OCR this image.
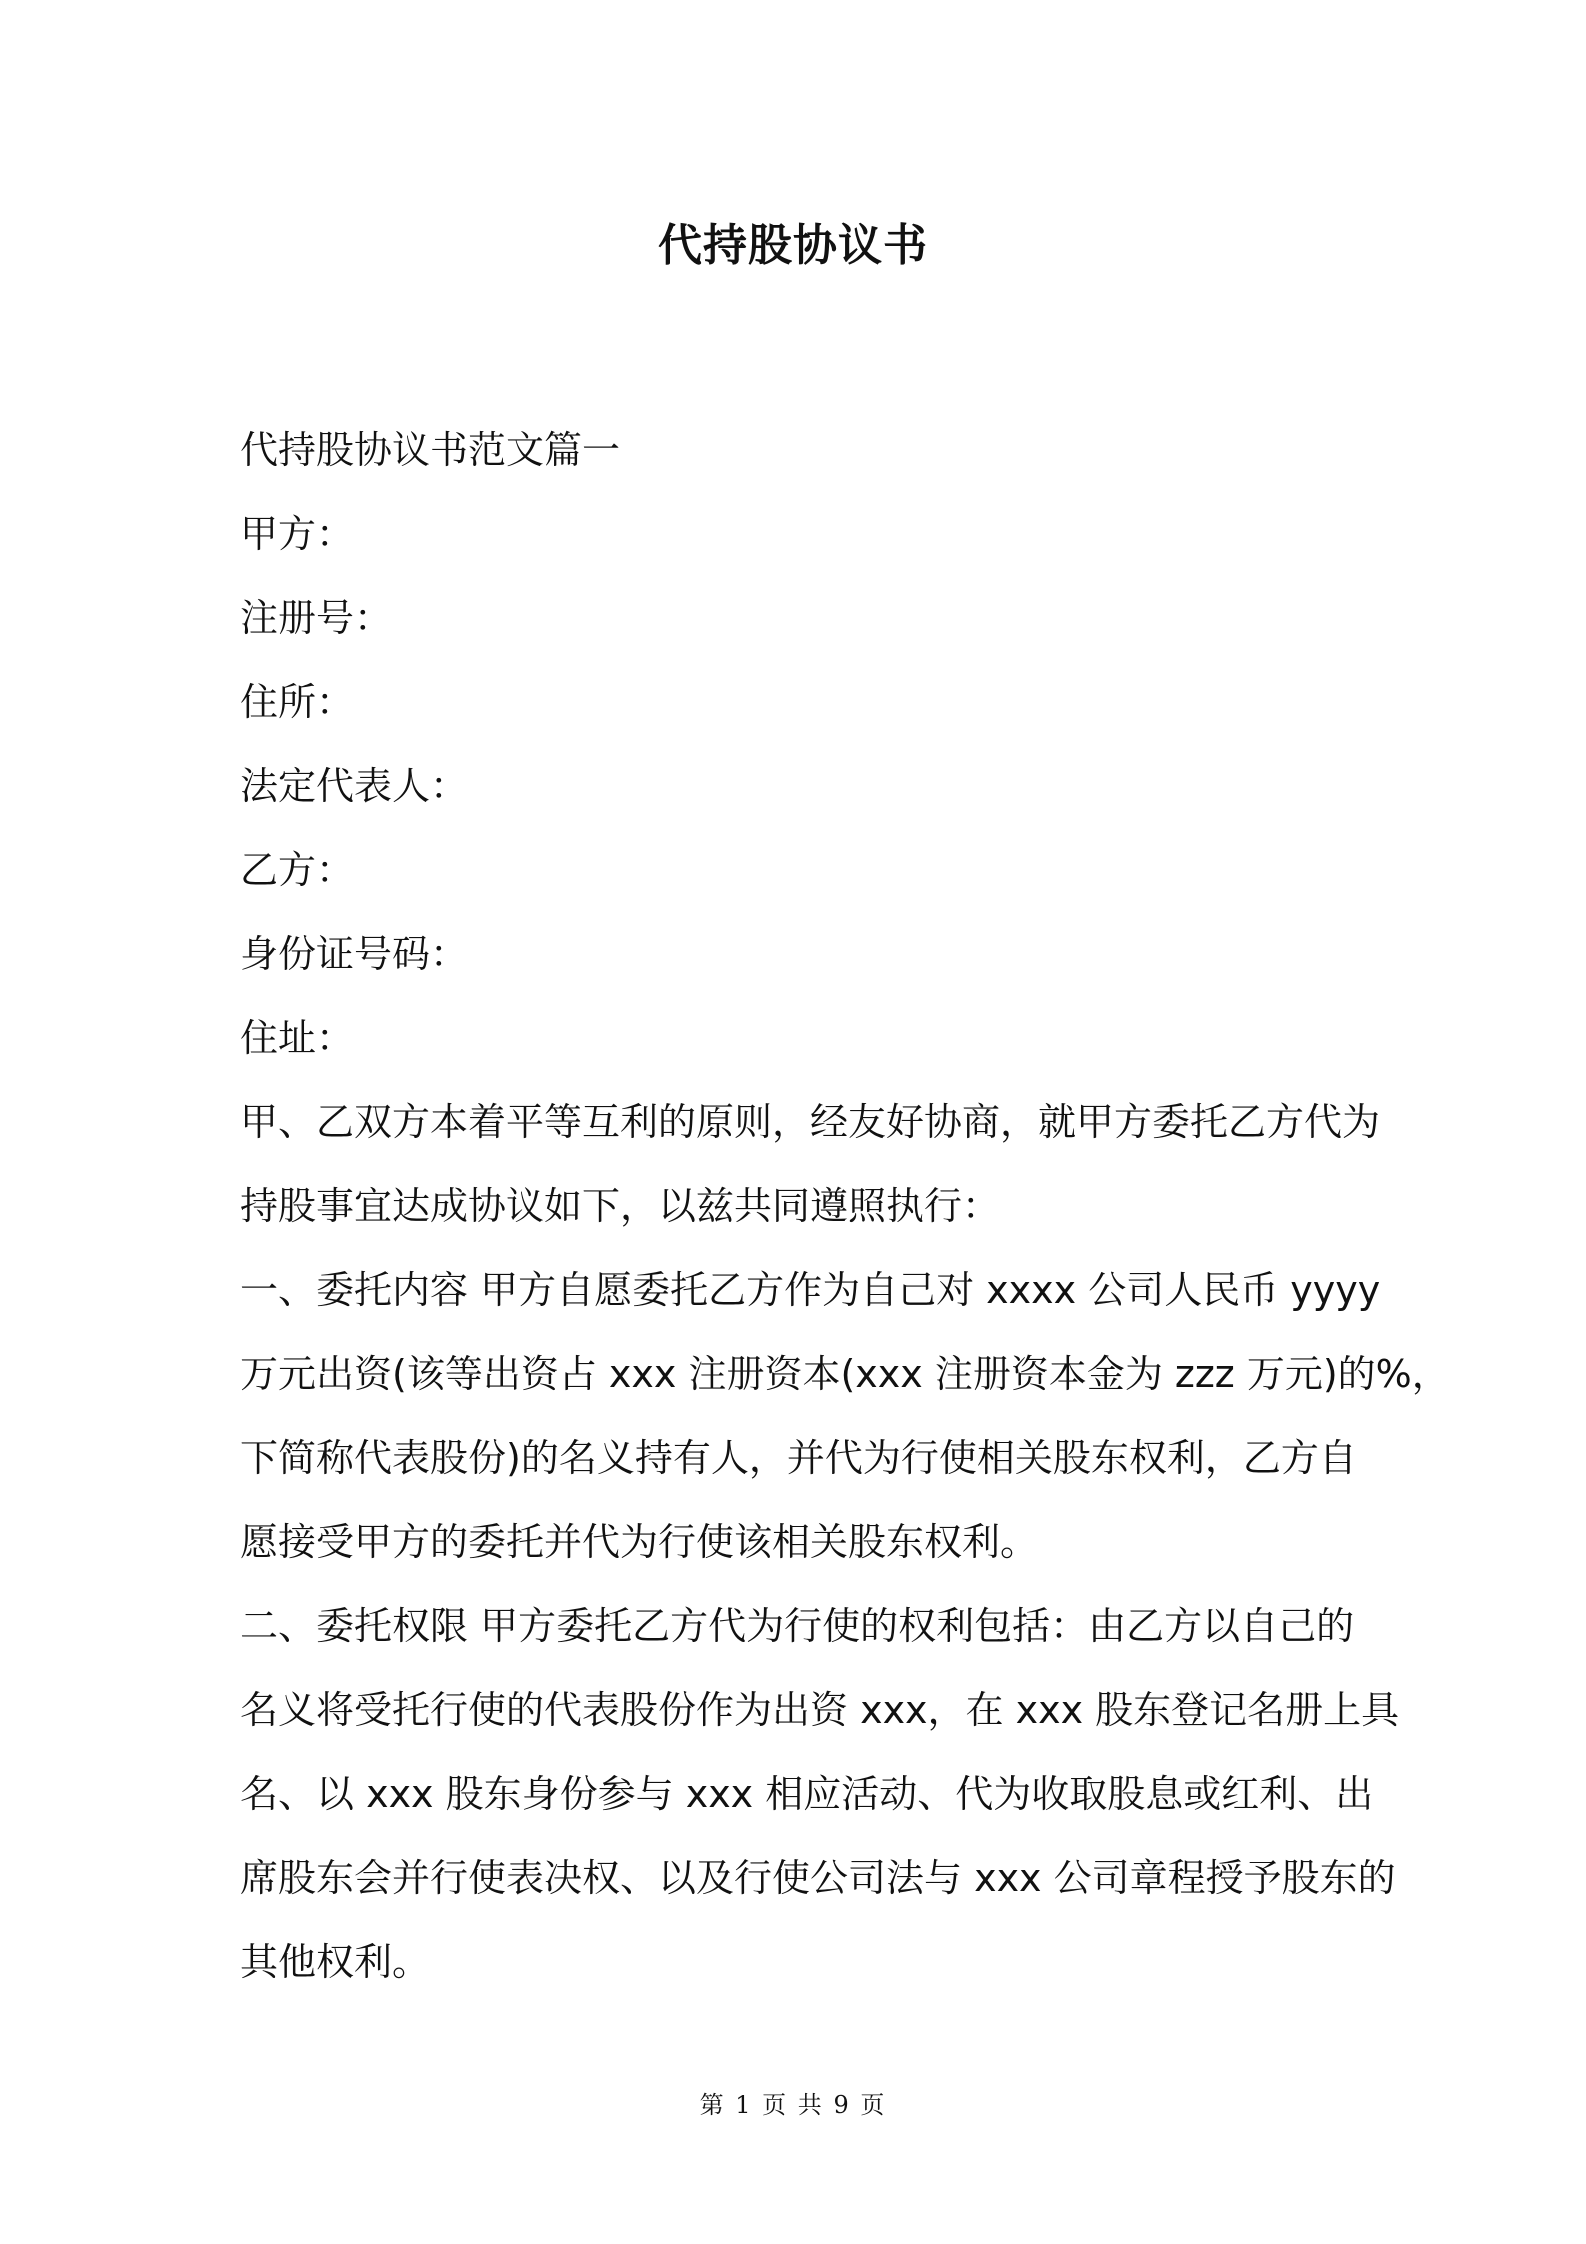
代持股协议书
代持股协议书范文篇一
甲方：
注册号：
住所：
法定代表人：
乙方：
身份证号码：
住址：
甲、乙双方本着平等互利的原则，经友好协商，就甲方委托乙方代为
持股事宜达成协议如下，以兹共同遵照执行：
一、委托内容 甲方自愿委托乙方作为自己对 xxxx 公司人民币 yyyy
万元出资(该等出资占 xxx 注册资本(xxx 注册资本金为 zzz 万元)的%，
下简称代表股份)的名义持有人，并代为行使相关股东权利，乙方自
愿接受甲方的委托并代为行使该相关股东权利。
二、委托权限 甲方委托乙方代为行使的权利包括：由乙方以自己的
名义将受托行使的代表股份作为出资 xxx，在 xxx 股东登记名册上具
名、以 xxx 股东身份参与 xxx 相应活动、代为收取股息或红利、出
席股东会并行使表决权、以及行使公司法与 xxx 公司章程授予股东的
其他权利。
第 1 页 共 9 页
